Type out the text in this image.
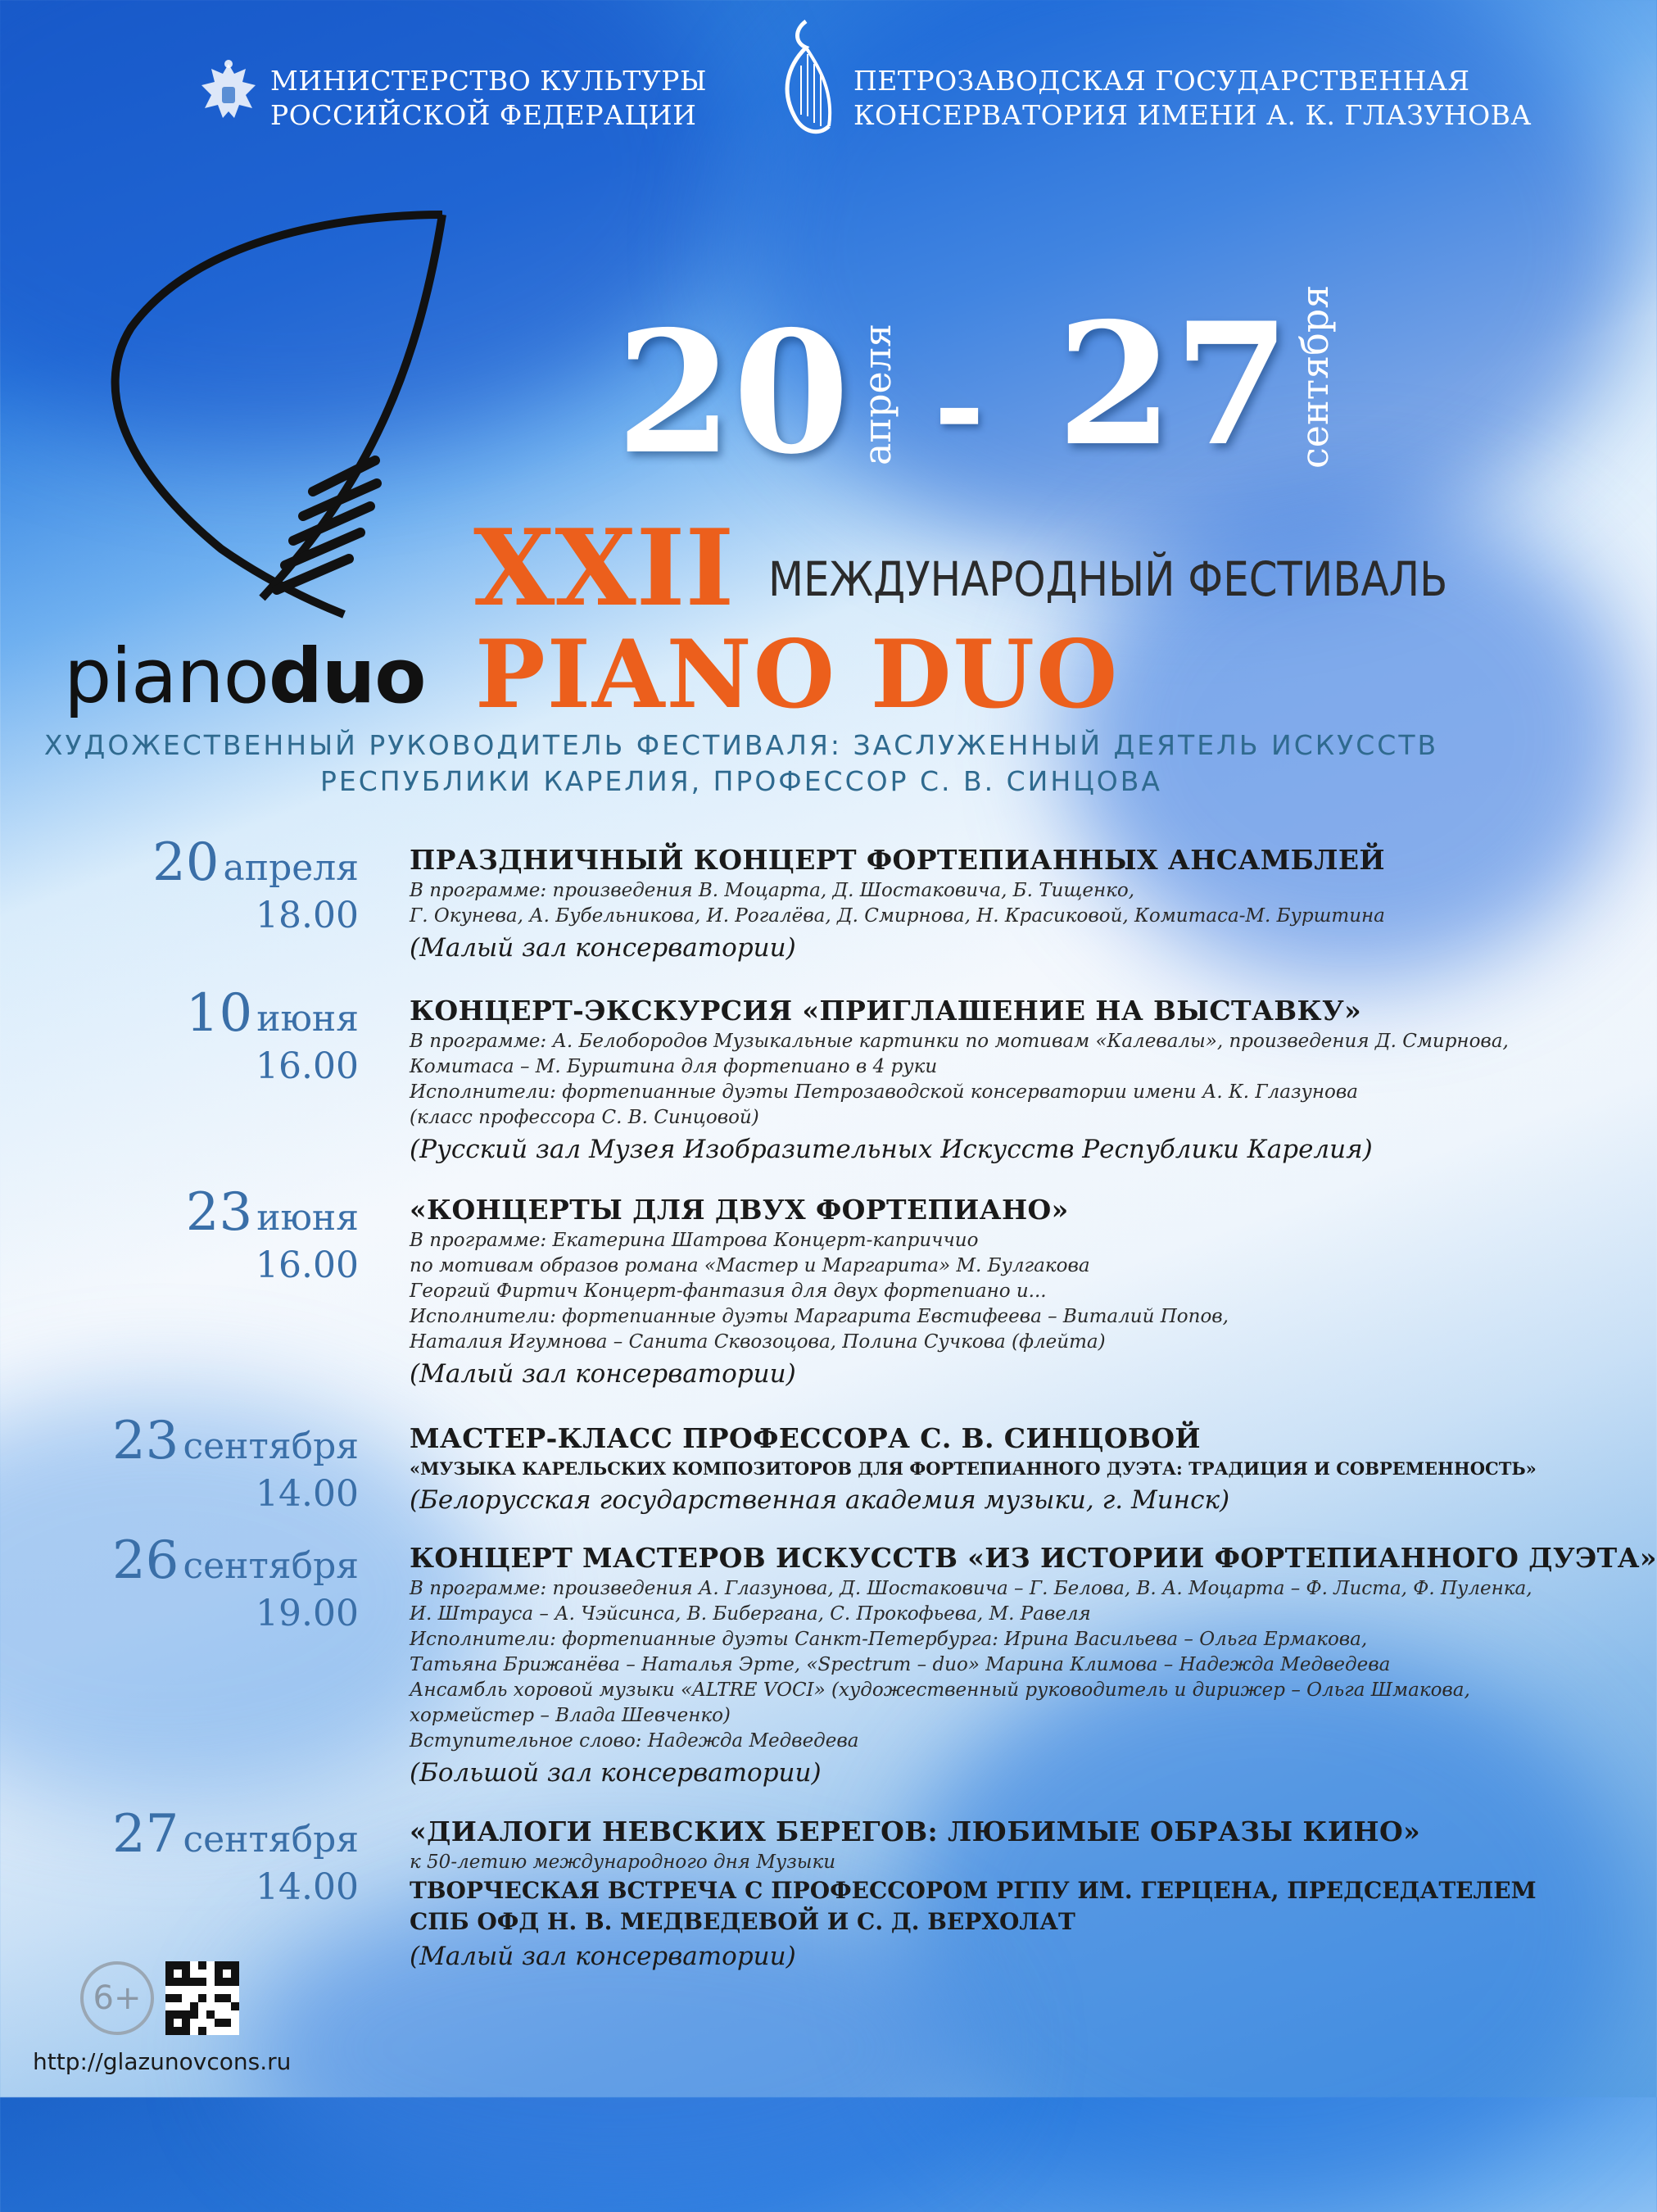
МИНИСТЕРСТВО КУЛЬТУРЫ
РОССИЙСКОЙ ФЕДЕРАЦИИ
ПЕТРОЗАВОДСКАЯ ГОСУДАРСТВЕННАЯ
КОНСЕРВАТОРИЯ ИМЕНИ А. К. ГЛАЗУНОВА
pianoduo
20 апреля - 27 сентября
XXII МЕЖДУНАРОДНЫЙ ФЕСТИВАЛЬ
PIANO DUO
ХУДОЖЕСТВЕННЫЙ РУКОВОДИТЕЛЬ ФЕСТИВАЛЯ: ЗАСЛУЖЕННЫЙ ДЕЯТЕЛЬ ИСКУССТВ
РЕСПУБЛИКИ КАРЕЛИЯ, ПРОФЕССОР С. В. СИНЦОВА
20 апреля
18.00
ПРАЗДНИЧНЫЙ КОНЦЕРТ ФОРТЕПИАННЫХ АНСАМБЛЕЙ
В программе: произведения В. Моцарта, Д. Шостаковича, Б. Тищенко,
Г. Окунева, А. Бубельникова, И. Рогалёва, Д. Смирнова, Н. Красиковой, Комитаса-М. Бурштина
(Малый зал консерватории)
10 июня
16.00
КОНЦЕРТ-ЭКСКУРСИЯ «ПРИГЛАШЕНИЕ НА ВЫСТАВКУ»
В программе: А. Белобородов Музыкальные картинки по мотивам «Калевалы», произведения Д. Смирнова,
Комитаса – М. Бурштина для фортепиано в 4 руки
Исполнители: фортепианные дуэты Петрозаводской консерватории имени А. К. Глазунова
(класс профессора С. В. Синцовой)
(Русский зал Музея Изобразительных Искусств Республики Карелия)
23 июня
16.00
«КОНЦЕРТЫ ДЛЯ ДВУХ ФОРТЕПИАНО»
В программе: Екатерина Шатрова Концерт-каприччио
по мотивам образов романа «Мастер и Маргарита» М. Булгакова
Георгий Фиртич Концерт-фантазия для двух фортепиано и...
Исполнители: фортепианные дуэты Маргарита Евстифеева – Виталий Попов,
Наталия Игумнова – Санита Сквозоцова, Полина Сучкова (флейта)
(Малый зал консерватории)
23 сентября
14.00
МАСТЕР-КЛАСС ПРОФЕССОРА С. В. СИНЦОВОЙ
«МУЗЫКА КАРЕЛЬСКИХ КОМПОЗИТОРОВ ДЛЯ ФОРТЕПИАННОГО ДУЭТА: ТРАДИЦИЯ И СОВРЕМЕННОСТЬ»
(Белорусская государственная академия музыки, г. Минск)
26 сентября
19.00
КОНЦЕРТ МАСТЕРОВ ИСКУССТВ «ИЗ ИСТОРИИ ФОРТЕПИАННОГО ДУЭТА»
В программе: произведения А. Глазунова, Д. Шостаковича – Г. Белова, В. А. Моцарта – Ф. Листа, Ф. Пуленка,
И. Штрауса – А. Чэйсинса, В. Бибергана, С. Прокофьева, М. Равеля
Исполнители: фортепианные дуэты Санкт-Петербурга: Ирина Васильева – Ольга Ермакова,
Татьяна Брижанёва – Наталья Эрте, «Spectrum – duo» Марина Климова – Надежда Медведева
Ансамбль хоровой музыки «ALTRE VOCI» (художественный руководитель и дирижер – Ольга Шмакова,
хормейстер – Влада Шевченко)
Вступительное слово: Надежда Медведева
(Большой зал консерватории)
27 сентября
14.00
«ДИАЛОГИ НЕВСКИХ БЕРЕГОВ: ЛЮБИМЫЕ ОБРАЗЫ КИНО»
к 50-летию международного дня Музыки
ТВОРЧЕСКАЯ ВСТРЕЧА С ПРОФЕССОРОМ РГПУ ИМ. ГЕРЦЕНА, ПРЕДСЕДАТЕЛЕМ
СПБ ОФД Н. В. МЕДВЕДЕВОЙ И С. Д. ВЕРХОЛАТ
(Малый зал консерватории)
6+
http://glazunovcons.ru
